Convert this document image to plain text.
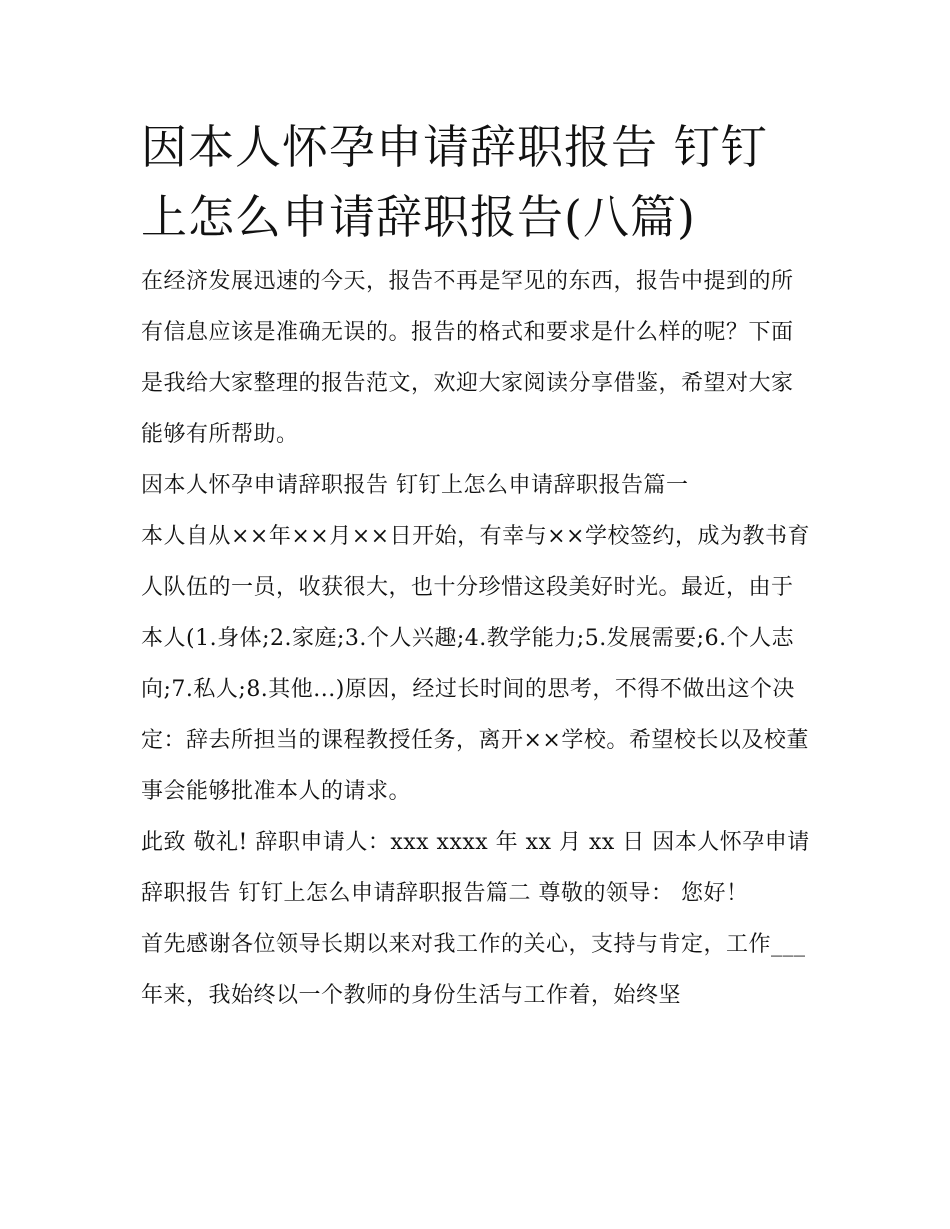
因本人怀孕申请辞职报告 钉钉上怎么申请辞职报告(八篇)

在经济发展迅速的今天，报告不再是罕见的东西，报告中提到的所有信息应该是准确无误的。报告的格式和要求是什么样的呢？下面是我给大家整理的报告范文，欢迎大家阅读分享借鉴，希望对大家能够有所帮助。

因本人怀孕申请辞职报告 钉钉上怎么申请辞职报告篇一

本人自从××年××月××日开始，有幸与××学校签约，成为教书育人队伍的一员，收获很大，也十分珍惜这段美好时光。最近，由于本人(1.身体;2.家庭;3.个人兴趣;4.教学能力;5.发展需要;6.个人志向;7.私人;8.其他...)原因，经过长时间的思考，不得不做出这个决定：辞去所担当的课程教授任务，离开××学校。希望校长以及校董事会能够批准本人的请求。

此致 敬礼! 辞职申请人：xxx xxxx 年 xx 月 xx 日 因本人怀孕申请辞职报告 钉钉上怎么申请辞职报告篇二 尊敬的领导： 您好！

首先感谢各位领导长期以来对我工作的关心，支持与肯定，工作___年来，我始终以一个教师的身份生活与工作着，始终坚
